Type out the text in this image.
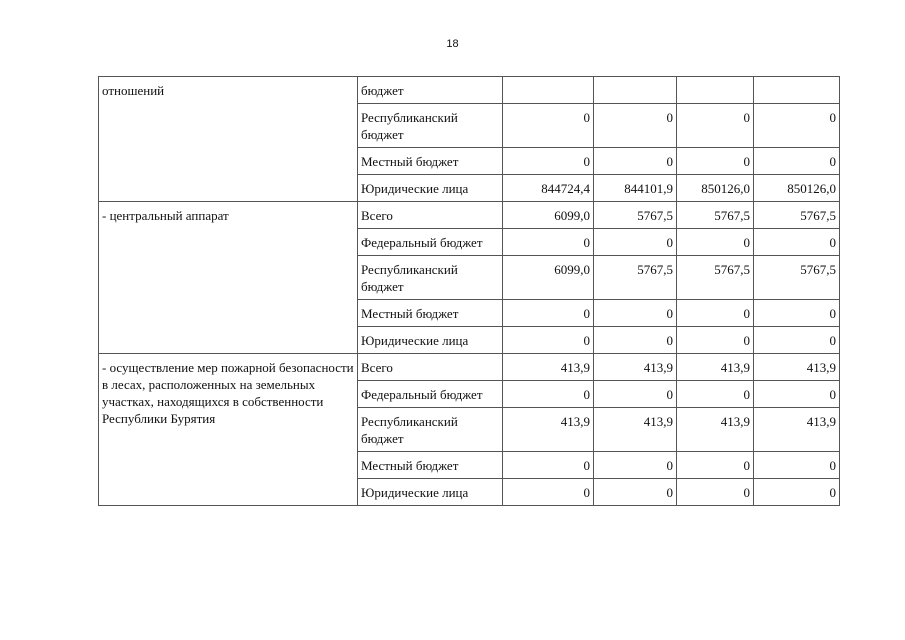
18
отношений	бюджет				
	Республиканский бюджет	0	0	0	0
	Местный бюджет	0	0	0	0
	Юридические лица	844724,4	844101,9	850126,0	850126,0
- центральный аппарат	Всего	6099,0	5767,5	5767,5	5767,5
	Федеральный бюджет	0	0	0	0
	Республиканский бюджет	6099,0	5767,5	5767,5	5767,5
	Местный бюджет	0	0	0	0
	Юридические лица	0	0	0	0
- осуществление мер пожарной безопасности в лесах, расположенных на земельных участках, находящихся в собственности Республики Бурятия	Всего	413,9	413,9	413,9	413,9
	Федеральный бюджет	0	0	0	0
	Республиканский бюджет	413,9	413,9	413,9	413,9
	Местный бюджет	0	0	0	0
	Юридические лица	0	0	0	0
